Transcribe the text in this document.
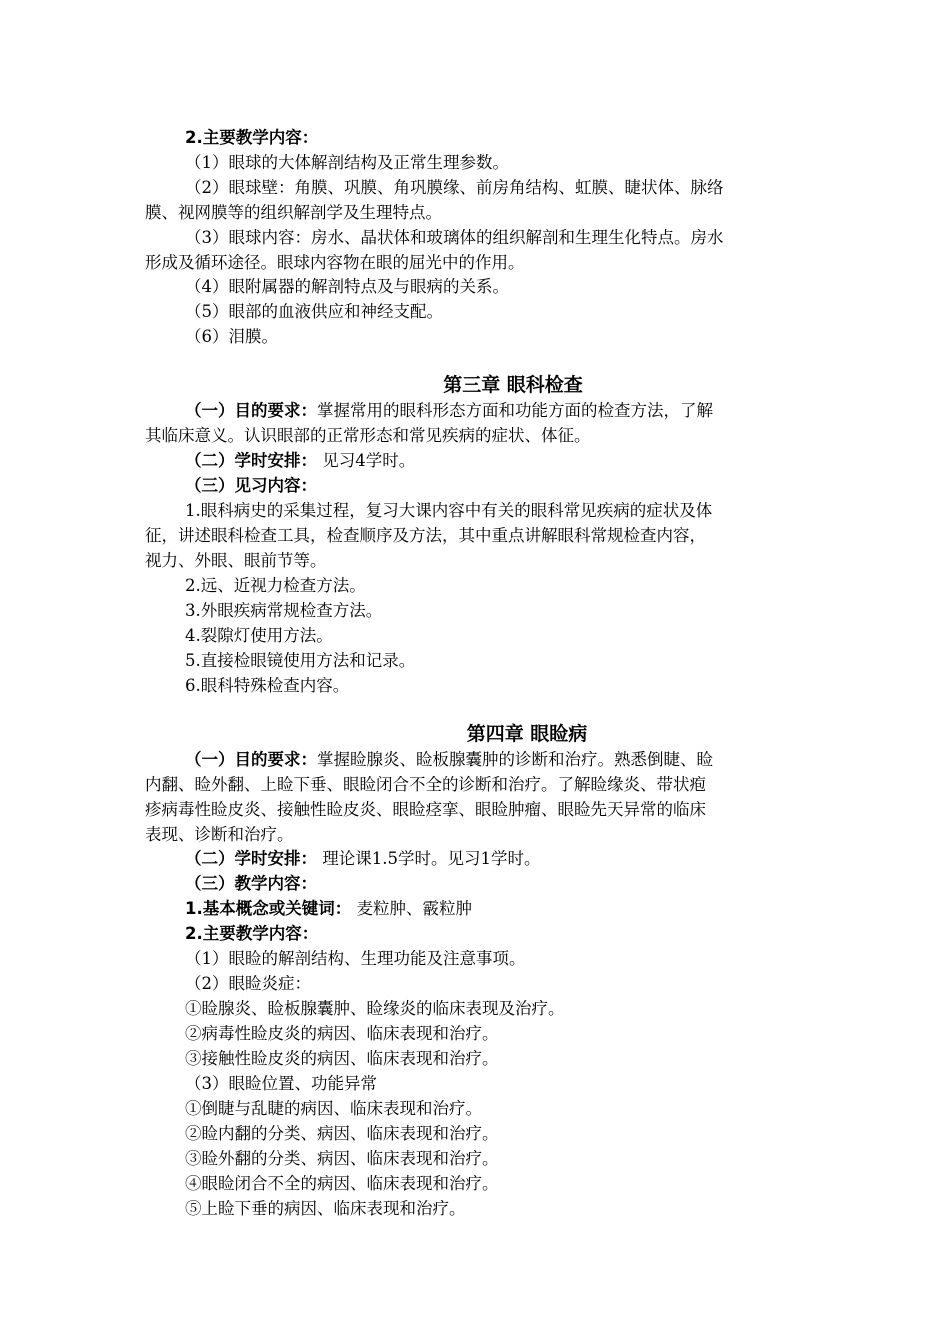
2.主要教学内容：
（1）眼球的大体解剖结构及正常生理参数。
（2）眼球壁：角膜、巩膜、角巩膜缘、前房角结构、虹膜、睫状体、脉络
膜、视网膜等的组织解剖学及生理特点。
（3）眼球内容：房水、晶状体和玻璃体的组织解剖和生理生化特点。房水
形成及循环途径。眼球内容物在眼的屈光中的作用。
（4）眼附属器的解剖特点及与眼病的关系。
（5）眼部的血液供应和神经支配。
（6）泪膜。
第三章 眼科检查
（一）目的要求：掌握常用的眼科形态方面和功能方面的检查方法，了解
其临床意义。认识眼部的正常形态和常见疾病的症状、体征。
（二）学时安排： 见习4学时。
（三）见习内容：
1.眼科病史的采集过程，复习大课内容中有关的眼科常见疾病的症状及体
征，讲述眼科检查工具，检查顺序及方法，其中重点讲解眼科常规检查内容，
视力、外眼、眼前节等。
2.远、近视力检查方法。
3.外眼疾病常规检查方法。
4.裂隙灯使用方法。
5.直接检眼镜使用方法和记录。
6.眼科特殊检查内容。
第四章 眼睑病
（一）目的要求：掌握睑腺炎、睑板腺囊肿的诊断和治疗。熟悉倒睫、睑
内翻、睑外翻、上睑下垂、眼睑闭合不全的诊断和治疗。了解睑缘炎、带状疱
疹病毒性睑皮炎、接触性睑皮炎、眼睑痉挛、眼睑肿瘤、眼睑先天异常的临床
表现、诊断和治疗。
（二）学时安排： 理论课1.5学时。见习1学时。
（三）教学内容：
1.基本概念或关键词： 麦粒肿、霰粒肿
2.主要教学内容：
（1）眼睑的解剖结构、生理功能及注意事项。
（2）眼睑炎症：
①睑腺炎、睑板腺囊肿、睑缘炎的临床表现及治疗。
②病毒性睑皮炎的病因、临床表现和治疗。
③接触性睑皮炎的病因、临床表现和治疗。
（3）眼睑位置、功能异常
①倒睫与乱睫的病因、临床表现和治疗。
②睑内翻的分类、病因、临床表现和治疗。
③睑外翻的分类、病因、临床表现和治疗。
④眼睑闭合不全的病因、临床表现和治疗。
⑤上睑下垂的病因、临床表现和治疗。
